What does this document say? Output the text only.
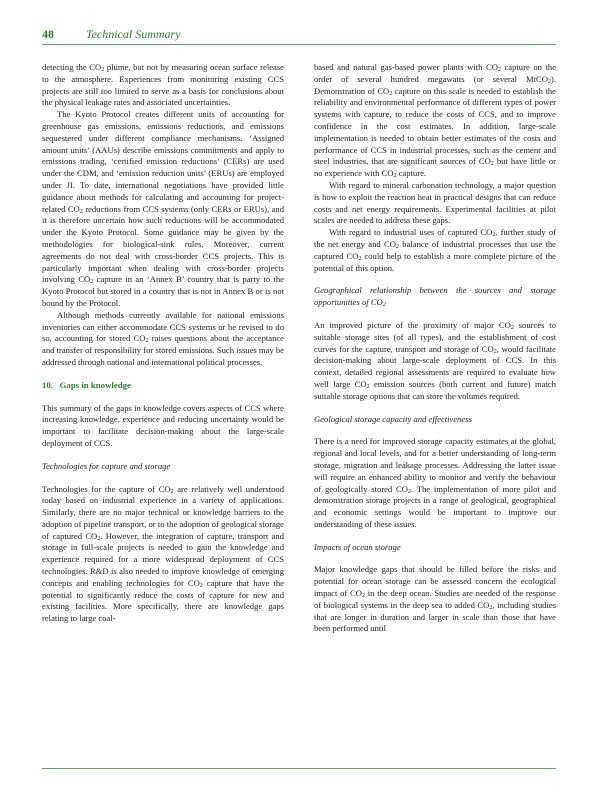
48	Technical Summary

detecting the $CO_2$ plume, but not by measuring ocean surface release to the atmosphere. Experiences from monitoring existing CCS projects are still too limited to serve as a basis for conclusions about the physical leakage rates and associated uncertainties.

The Kyoto Protocol creates different units of accounting for greenhouse gas emissions, emissions reductions, and emissions sequestered under different compliance mechanisms. ‘Assigned amount units’ (AAUs) describe emissions commitments and apply to emissions trading, ‘certified emission reductions’ (CERs) are used under the CDM, and ‘emission reduction units’ (ERUs) are employed under JI. To date, international negotiations have provided little guidance about methods for calculating and accounting for project-related $CO_2$ reductions from CCS systems (only CERs or ERUs), and it is therefore uncertain how such reductions will be accommodated under the Kyoto Protocol. Some guidance may be given by the methodologies for biological-sink rules. Moreover, current agreements do not deal with cross-border CCS projects. This is particularly important when dealing with cross-border projects involving $CO_2$ capture in an ‘Annex B’ country that is party to the Kyoto Protocol but stored in a country that is not in Annex B or is not bound by the Protocol.

Although methods currently available for national emissions inventories can either accommodate CCS systems or be revised to do so, accounting for stored $CO_2$ raises questions about the acceptance and transfer of responsibility for stored emissions. Such issues may be addressed through national and international political processes.

10.   Gaps in knowledge

This summary of the gaps in knowledge covers aspects of CCS where increasing knowledge, experience and reducing uncertainty would be important to facilitate decision-making about the large-scale deployment of CCS.

Technologies for capture and storage

Technologies for the capture of $CO_2$ are relatively well understood today based on industrial experience in a variety of applications. Similarly, there are no major technical or knowledge barriers to the adoption of pipeline transport, or to the adoption of geological storage of captured $CO_2$. However, the integration of capture, transport and storage in full-scale projects is needed to gain the knowledge and experience required for a more widespread deployment of CCS technologies. R&D is also needed to improve knowledge of emerging concepts and enabling technologies for $CO_2$ capture that have the potential to significantly reduce the costs of capture for new and existing facilities. More specifically, there are knowledge gaps relating to large coal-

based and natural gas-based power plants with $CO_2$ capture on the order of several hundred megawatts (or several MtCO$_2$). Demonstration of $CO_2$ capture on this scale is needed to establish the reliability and environmental performance of different types of power systems with capture, to reduce the costs of CCS, and to improve confidence in the cost estimates. In addition, large-scale implementation is needed to obtain better estimates of the costs and performance of CCS in industrial processes, such as the cement and steel industries, that are significant sources of $CO_2$ but have little or no experience with $CO_2$ capture.

With regard to mineral carbonation technology, a major question is how to exploit the reaction heat in practical designs that can reduce costs and net energy requirements. Experimental facilities at pilot scales are needed to address these gaps.

With regard to industrial uses of captured $CO_2$, further study of the net energy and $CO_2$ balance of industrial processes that use the captured $CO_2$ could help to establish a more complete picture of the potential of this option.

Geographical relationship between the sources and storage opportunities of $CO_2$

An improved picture of the proximity of major $CO_2$ sources to suitable storage sites (of all types), and the establishment of cost curves for the capture, transport and storage of $CO_2$, would facilitate decision-making about large-scale deployment of CCS. In this context, detailed regional assessments are required to evaluate how well large $CO_2$ emission sources (both current and future) match suitable storage options that can store the volumes required.

Geological storage capacity and effectiveness

There is a need for improved storage capacity estimates at the global, regional and local levels, and for a better understanding of long-term storage, migration and leakage processes. Addressing the latter issue will require an enhanced ability to monitor and verify the behaviour of geologically stored $CO_2$. The implementation of more pilot and demonstration storage projects in a range of geological, geographical and economic settings would be important to improve our understanding of these issues.

Impacts of ocean storage

Major knowledge gaps that should be filled before the risks and potential for ocean storage can be assessed concern the ecological impact of $CO_2$ in the deep ocean. Studies are needed of the response of biological systems in the deep sea to added $CO_2$, including studies that are longer in duration and larger in scale than those that have been performed until
